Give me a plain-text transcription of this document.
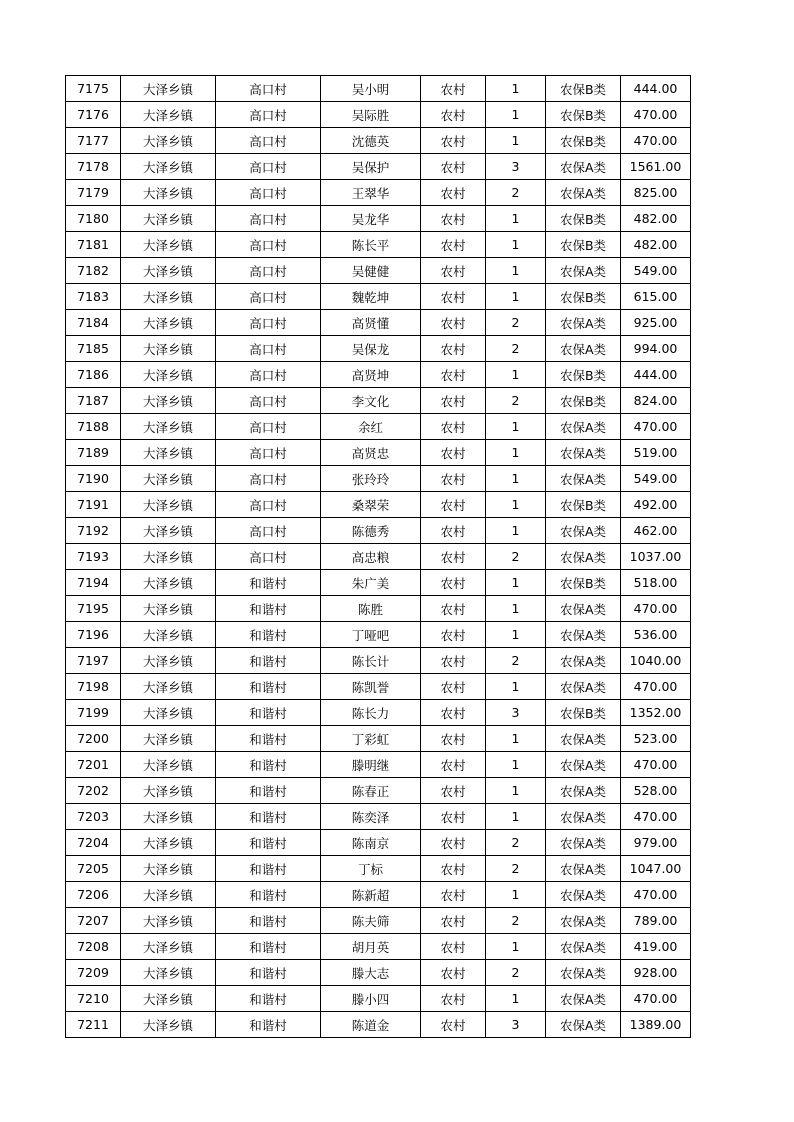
7175	大泽乡镇	高口村	吴小明	农村	1	农保B类	444.00
7176	大泽乡镇	高口村	吴际胜	农村	1	农保B类	470.00
7177	大泽乡镇	高口村	沈德英	农村	1	农保B类	470.00
7178	大泽乡镇	高口村	吴保护	农村	3	农保A类	1561.00
7179	大泽乡镇	高口村	王翠华	农村	2	农保A类	825.00
7180	大泽乡镇	高口村	吴龙华	农村	1	农保B类	482.00
7181	大泽乡镇	高口村	陈长平	农村	1	农保B类	482.00
7182	大泽乡镇	高口村	吴健健	农村	1	农保A类	549.00
7183	大泽乡镇	高口村	魏乾坤	农村	1	农保B类	615.00
7184	大泽乡镇	高口村	高贤懂	农村	2	农保A类	925.00
7185	大泽乡镇	高口村	吴保龙	农村	2	农保A类	994.00
7186	大泽乡镇	高口村	高贤坤	农村	1	农保B类	444.00
7187	大泽乡镇	高口村	李文化	农村	2	农保B类	824.00
7188	大泽乡镇	高口村	余红	农村	1	农保A类	470.00
7189	大泽乡镇	高口村	高贤忠	农村	1	农保A类	519.00
7190	大泽乡镇	高口村	张玲玲	农村	1	农保A类	549.00
7191	大泽乡镇	高口村	桑翠荣	农村	1	农保B类	492.00
7192	大泽乡镇	高口村	陈德秀	农村	1	农保A类	462.00
7193	大泽乡镇	高口村	高忠粮	农村	2	农保A类	1037.00
7194	大泽乡镇	和谐村	朱广美	农村	1	农保B类	518.00
7195	大泽乡镇	和谐村	陈胜	农村	1	农保A类	470.00
7196	大泽乡镇	和谐村	丁哑吧	农村	1	农保A类	536.00
7197	大泽乡镇	和谐村	陈长计	农村	2	农保A类	1040.00
7198	大泽乡镇	和谐村	陈凯誉	农村	1	农保A类	470.00
7199	大泽乡镇	和谐村	陈长力	农村	3	农保B类	1352.00
7200	大泽乡镇	和谐村	丁彩虹	农村	1	农保A类	523.00
7201	大泽乡镇	和谐村	滕明继	农村	1	农保A类	470.00
7202	大泽乡镇	和谐村	陈春正	农村	1	农保A类	528.00
7203	大泽乡镇	和谐村	陈奕泽	农村	1	农保A类	470.00
7204	大泽乡镇	和谐村	陈南京	农村	2	农保A类	979.00
7205	大泽乡镇	和谐村	丁标	农村	2	农保A类	1047.00
7206	大泽乡镇	和谐村	陈新超	农村	1	农保A类	470.00
7207	大泽乡镇	和谐村	陈夫筛	农村	2	农保A类	789.00
7208	大泽乡镇	和谐村	胡月英	农村	1	农保A类	419.00
7209	大泽乡镇	和谐村	滕大志	农村	2	农保A类	928.00
7210	大泽乡镇	和谐村	滕小四	农村	1	农保A类	470.00
7211	大泽乡镇	和谐村	陈道金	农村	3	农保A类	1389.00
